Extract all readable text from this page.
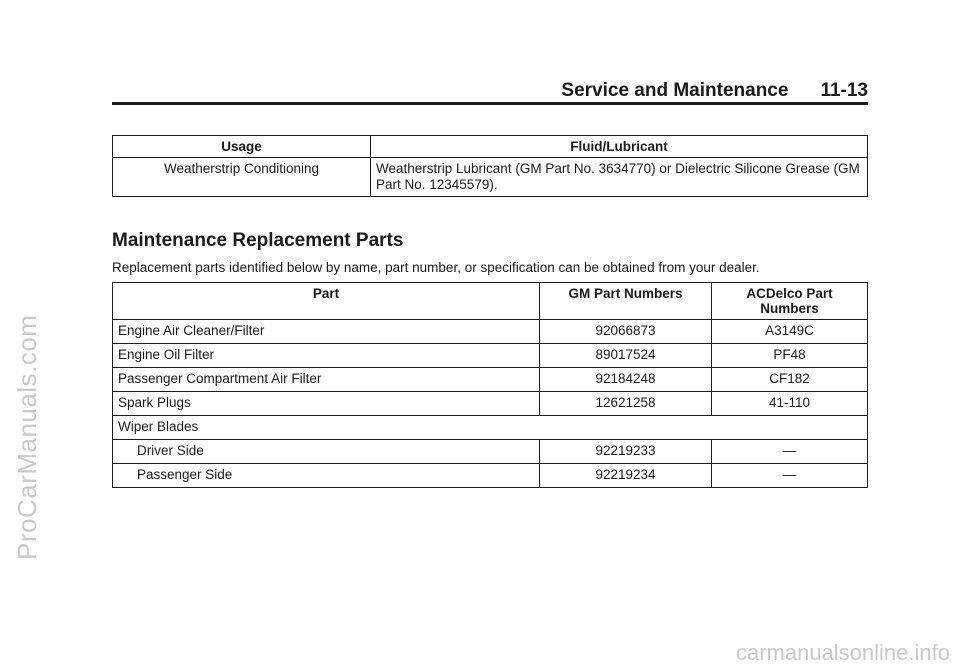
ProCarManuals.com
carmanualsonline.info
Service and Maintenance 11-13
Usage	Fluid/Lubricant
Weatherstrip Conditioning	Weatherstrip Lubricant (GM Part No. 3634770) or Dielectric Silicone Grease (GM Part No. 12345579).
Maintenance Replacement Parts
Replacement parts identified below by name, part number, or specification can be obtained from your dealer.
Part	GM Part Numbers	ACDelco Part Numbers
Engine Air Cleaner/Filter	92066873	A3149C
Engine Oil Filter	89017524	PF48
Passenger Compartment Air Filter	92184248	CF182
Spark Plugs	12621258	41-110
Wiper Blades		
Driver Side	92219233	—
Passenger Side	92219234	—
